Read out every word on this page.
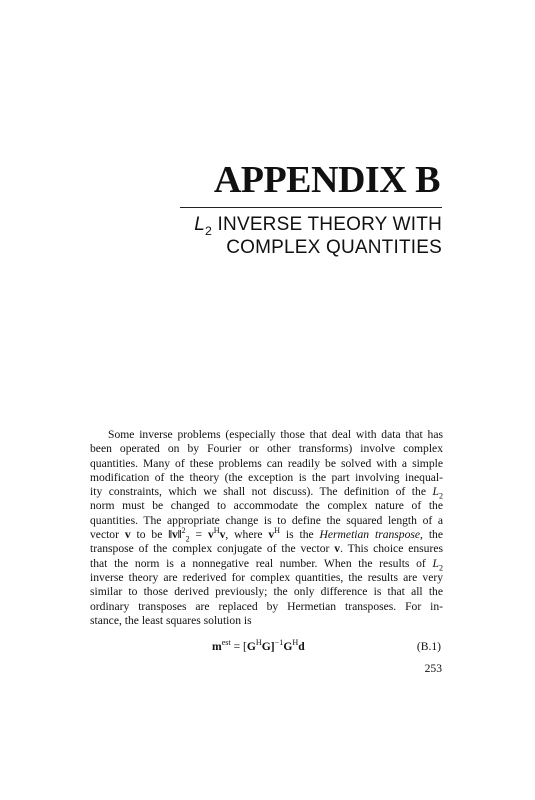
APPENDIX B
$L_2$ INVERSE THEORY WITH
COMPLEX QUANTITIES
Some inverse problems (especially those that deal with data that has
been operated on by Fourier or other transforms) involve complex
quantities. Many of these problems can readily be solved with a simple
modification of the theory (the exception is the part involving inequal-
ity constraints, which we shall not discuss). The definition of the $L_2$
norm must be changed to accommodate the complex nature of the
quantities. The appropriate change is to define the squared length of a
vector v to be ‖v‖$^2_2$ = $v^Hv$, where $v^H$ is the Hermetian transpose, the
transpose of the complex conjugate of the vector v. This choice ensures
that the norm is a nonnegative real number. When the results of $L_2$
inverse theory are rederived for complex quantities, the results are very
similar to those derived previously; the only difference is that all the
ordinary transposes are replaced by Hermetian transposes. For in-
stance, the least squares solution is
$m^{est} = [G^HG]^{-1}G^Hd$	(B.1)
253
